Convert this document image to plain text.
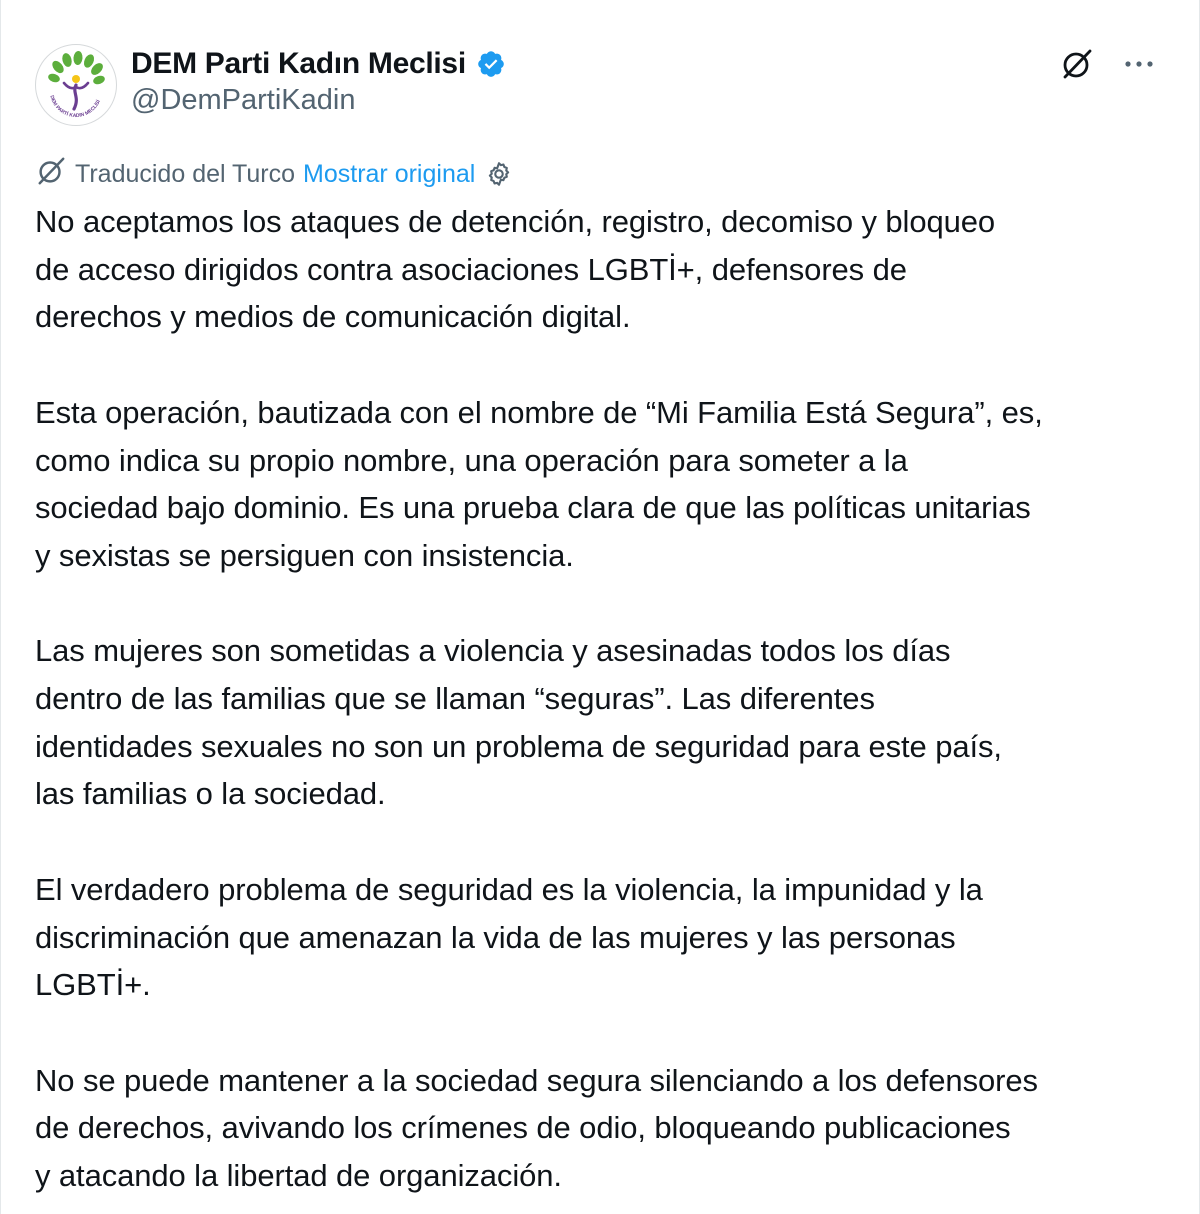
DEM PARTİ KADIN MECLİSİ
DEM Parti Kadın Meclisi
@DemPartiKadin
Traducido del Turco Mostrar original

No aceptamos los ataques de detención, registro, decomiso y bloqueo
de acceso dirigidos contra asociaciones LGBTİ+, defensores de
derechos y medios de comunicación digital.

Esta operación, bautizada con el nombre de “Mi Familia Está Segura”, es,
como indica su propio nombre, una operación para someter a la
sociedad bajo dominio. Es una prueba clara de que las políticas unitarias
y sexistas se persiguen con insistencia.

Las mujeres son sometidas a violencia y asesinadas todos los días
dentro de las familias que se llaman “seguras”. Las diferentes
identidades sexuales no son un problema de seguridad para este país,
las familias o la sociedad.

El verdadero problema de seguridad es la violencia, la impunidad y la
discriminación que amenazan la vida de las mujeres y las personas
LGBTİ+.

No se puede mantener a la sociedad segura silenciando a los defensores
de derechos, avivando los crímenes de odio, bloqueando publicaciones
y atacando la libertad de organización.
